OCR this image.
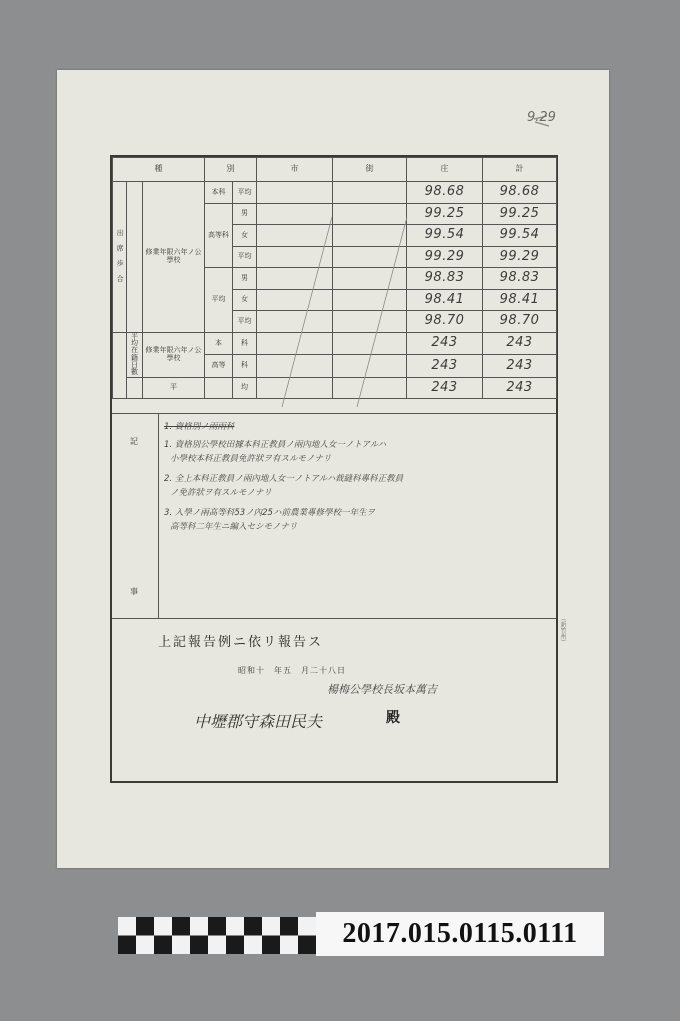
9.29
種			別		市	街	庄	計
出 席 歩 合		修業年限六年ノ公學校	本科	平均			98.68	98.68
			高等科	男			99.25	99.25
				女			99.54	99.54
				平均			99.29	99.29
			平均	男			98.83	98.83
				女			98.41	98.41
				平均			98.70	98.70
	平均在籍日數	修業年限六年ノ公學校	本	科			243	243
			高等	科			243	243
		平		均			243	243
記
事
1. 資格別ノ兩兩科
1. 資格別公學校田據本科正教員ノ兩內地人女一ノトアルハ
小學校本科正教員免許狀ヲ有スルモノナリ
2. 全上本科正教員ノ兩內地人女一ノトアルハ裁縫科專科正教員
ノ免許狀ヲ有スルモノナリ
3. 入學ノ兩高等科53ノ內25ハ前農業專修學校一年生ヲ
高等科二年生ニ編入セシモノナリ
上記報告例ニ依リ報告ス
昭和十　年五　月二十八日
楊梅公學校長坂本萬吉
中壢郡守森田民夫	殿
（新竹州）
2017.015.0115.0111
